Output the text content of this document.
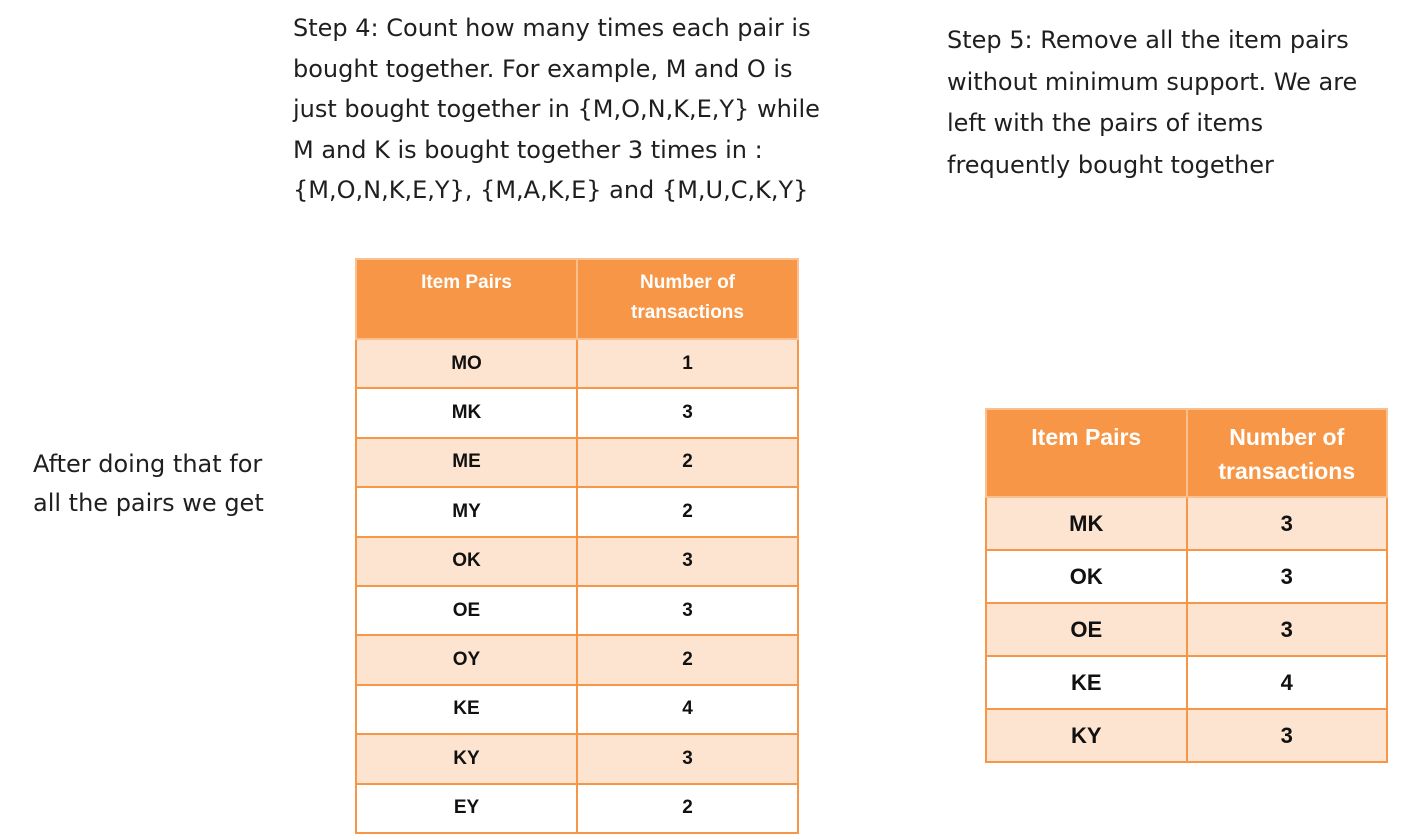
Step 4: Count how many times each pair is
bought together. For example, M and O is
just bought together in {M,O,N,K,E,Y} while
M and K is bought together 3 times in :
{M,O,N,K,E,Y}, {M,A,K,E} and {M,U,C,K,Y}
Step 5: Remove all the item pairs
without minimum support. We are
left with the pairs of items
frequently bought together
After doing that for
all the pairs we get
Item Pairs	Number of
transactions

MO	1
MK	3
ME	2
MY	2
OK	3
OE	3
OY	2
KE	4
KY	3
EY	2
Item Pairs	Number of
transactions

MK	3
OK	3
OE	3
KE	4
KY	3
